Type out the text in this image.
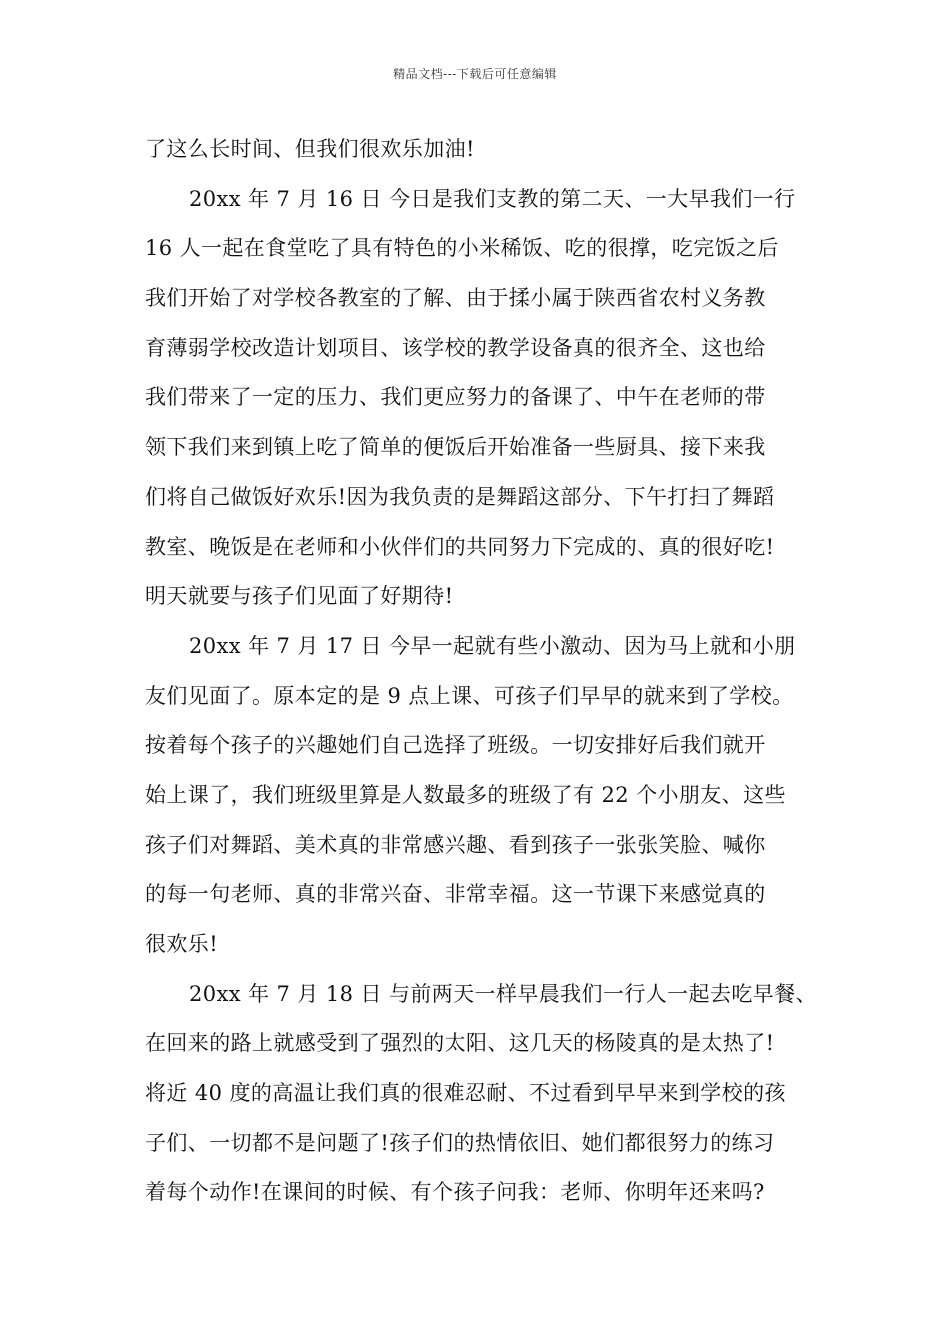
精品文档---下载后可任意编辑
了这么长时间、但我们很欢乐加油!
20xx 年 7 月 16 日 今日是我们支教的第二天、一大早我们一行
16 人一起在食堂吃了具有特色的小米稀饭、吃的很撑，吃完饭之后
我们开始了对学校各教室的了解、由于揉小属于陕西省农村义务教
育薄弱学校改造计划项目、该学校的教学设备真的很齐全、这也给
我们带来了一定的压力、我们更应努力的备课了、中午在老师的带
领下我们来到镇上吃了简单的便饭后开始准备一些厨具、接下来我
们将自己做饭好欢乐!因为我负责的是舞蹈这部分、下午打扫了舞蹈
教室、晚饭是在老师和小伙伴们的共同努力下完成的、真的很好吃!
明天就要与孩子们见面了好期待!
20xx 年 7 月 17 日 今早一起就有些小激动、因为马上就和小朋
友们见面了。原本定的是 9 点上课、可孩子们早早的就来到了学校。
按着每个孩子的兴趣她们自己选择了班级。一切安排好后我们就开
始上课了，我们班级里算是人数最多的班级了有 22 个小朋友、这些
孩子们对舞蹈、美术真的非常感兴趣、看到孩子一张张笑脸、喊你
的每一句老师、真的非常兴奋、非常幸福。这一节课下来感觉真的
很欢乐!
20xx 年 7 月 18 日 与前两天一样早晨我们一行人一起去吃早餐、
在回来的路上就感受到了强烈的太阳、这几天的杨陵真的是太热了!
将近 40 度的高温让我们真的很难忍耐、不过看到早早来到学校的孩
子们、一切都不是问题了!孩子们的热情依旧、她们都很努力的练习
着每个动作!在课间的时候、有个孩子问我：老师、你明年还来吗?
